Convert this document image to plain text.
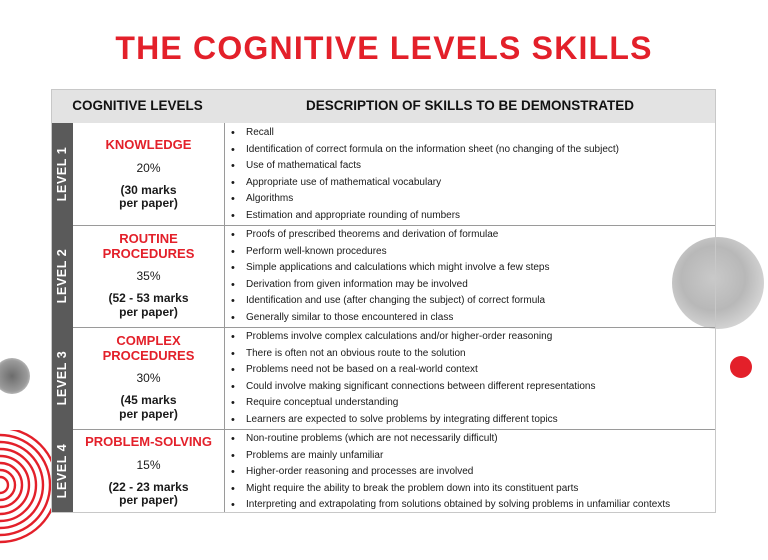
THE COGNITIVE LEVELS SKILLS
COGNITIVE LEVELS	DESCRIPTION OF SKILLS TO BE DEMONSTRATED
LEVEL 1
KNOWLEDGE
20%
(30 marks
per paper)
• Recall
• Identification of correct formula on the information sheet (no changing of the subject)
• Use of mathematical facts
• Appropriate use of mathematical vocabulary
• Algorithms
• Estimation and appropriate rounding of numbers
LEVEL 2
ROUTINE
PROCEDURES
35%
(52 - 53 marks
per paper)
• Proofs of prescribed theorems and derivation of formulae
• Perform well-known procedures
• Simple applications and calculations which might involve a few steps
• Derivation from given information may be involved
• Identification and use (after changing the subject) of correct formula
• Generally similar to those encountered in class
LEVEL 3
COMPLEX
PROCEDURES
30%
(45 marks
per paper)
• Problems involve complex calculations and/or higher-order reasoning
• There is often not an obvious route to the solution
• Problems need not be based on a real-world context
• Could involve making significant connections between different representations
• Require conceptual understanding
• Learners are expected to solve problems by integrating different topics
LEVEL 4
PROBLEM-SOLVING
15%
(22 - 23 marks
per paper)
• Non-routine problems (which are not necessarily difficult)
• Problems are mainly unfamiliar
• Higher-order reasoning and processes are involved
• Might require the ability to break the problem down into its constituent parts
• Interpreting and extrapolating from solutions obtained by solving problems in unfamiliar contexts
